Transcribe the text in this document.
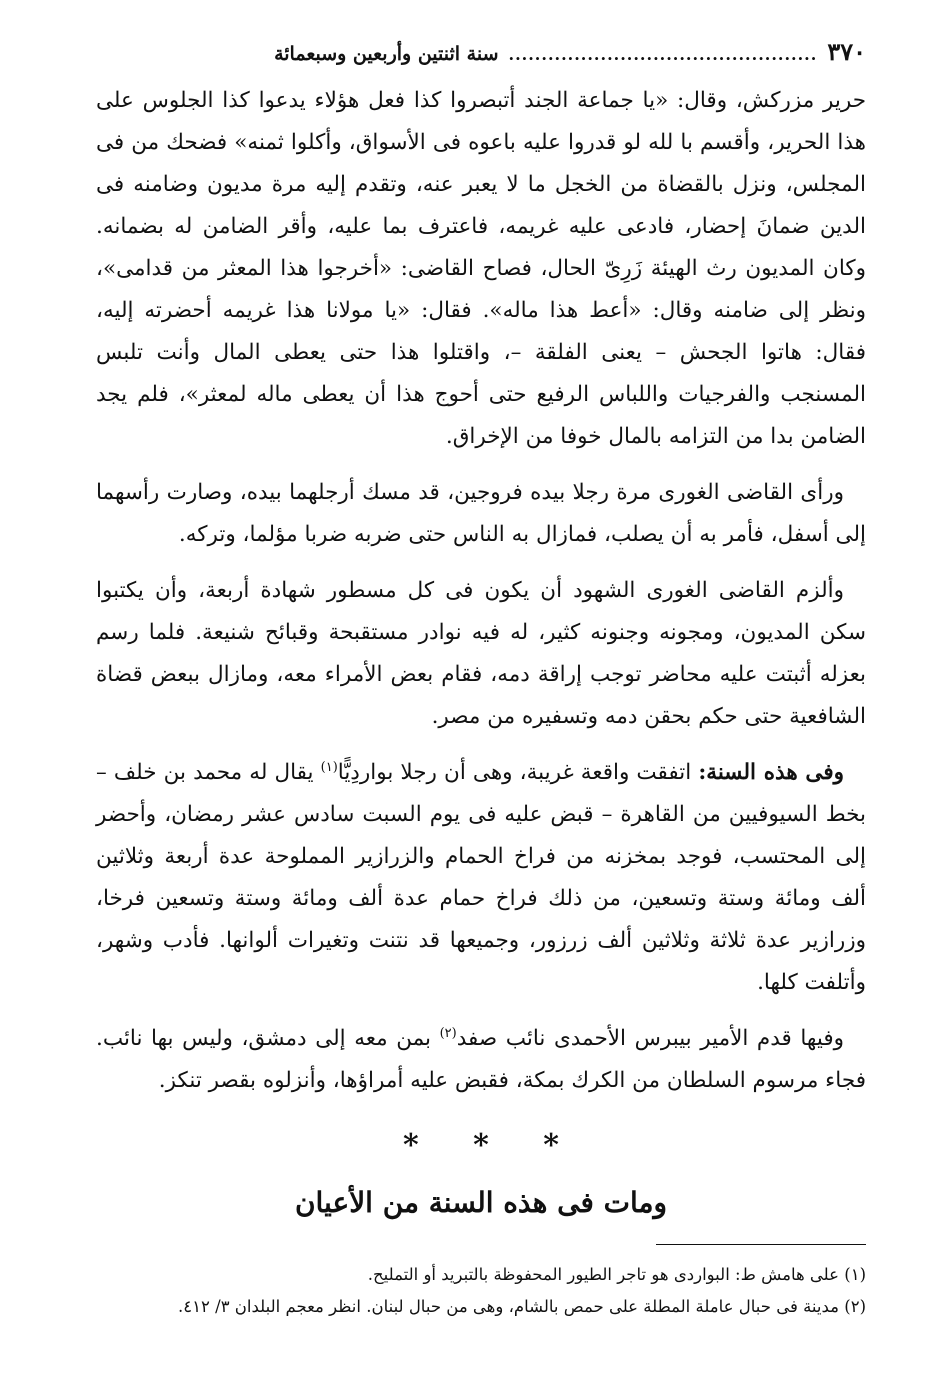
٣٧٠
...............................................
سنة اثنتين وأربعين وسبعمائة

حرير مزركش، وقال: «يا جماعة الجند أتبصروا كذا فعل هؤلاء يدعوا كذا الجلوس على هذا الحرير، وأقسم با لله لو قدروا عليه باعوه فى الأسواق، وأكلوا ثمنه» فضحك من فى المجلس، ونزل بالقضاة من الخجل ما لا يعبر عنه، وتقدم إليه مرة مديون وضامنه فى الدين ضمانَ إحضار، فادعى عليه غريمه، فاعترف بما عليه، وأقر الضامن له بضمانه. وكان المديون رث الهيئة زَرِىّ الحال، فصاح القاضى: «أخرجوا هذا المعثر من قدامى»، ونظر إلى ضامنه وقال: «أعط هذا ماله». فقال: «يا مولانا هذا غريمه أحضرته إليه، فقال: هاتوا الجحش – يعنى الفلقة –، واقتلوا هذا حتى يعطى المال وأنت تلبس المسنجب والفرجيات واللباس الرفيع حتى أحوج هذا أن يعطى ماله لمعثر»، فلم يجد الضامن بدا من التزامه بالمال خوفا من الإخراق.

ورأى القاضى الغورى مرة رجلا بيده فروجين، قد مسك أرجلهما بيده، وصارت رأسهما إلى أسفل، فأمر به أن يصلب، فمازال به الناس حتى ضربه ضربا مؤلما، وتركه.

وألزم القاضى الغورى الشهود أن يكون فى كل مسطور شهادة أربعة، وأن يكتبوا سكن المديون، ومجونه وجنونه كثير، له فيه نوادر مستقبحة وقبائح شنيعة. فلما رسم بعزله أثبتت عليه محاضر توجب إراقة دمه، فقام بعض الأمراء معه، ومازال ببعض قضاة الشافعية حتى حكم بحقن دمه وتسفيره من مصر.

وفى هذه السنة: اتفقت واقعة غريبة، وهى أن رجلا بواردِيًّا$^{(١)}$ يقال له محمد بن خلف – بخط السيوفيين من القاهرة – قبض عليه فى يوم السبت سادس عشر رمضان، وأحضر إلى المحتسب، فوجد بمخزنه من فراخ الحمام والزرازير المملوحة عدة أربعة وثلاثين ألف ومائة وستة وتسعين، من ذلك فراخ حمام عدة ألف ومائة وستة وتسعين فرخا، وزرازير عدة ثلاثة وثلاثين ألف زرزور، وجميعها قد نتنت وتغيرات ألوانها. فأدب وشهر، وأتلفت كلها.

وفيها قدم الأمير بيبرس الأحمدى نائب صفد$^{(٢)}$ بمن معه إلى دمشق، وليس بها نائب. فجاء مرسوم السلطان من الكرك بمكة، فقبض عليه أمراؤها، وأنزلوه بقصر تنكز.

* * *
ومات فى هذه السنة من الأعيان

(١) على هامش ط: البواردى هو تاجر الطيور المحفوظة بالتبريد أو التمليح.

(٢) مدينة فى حبال عاملة المطلة على حمص بالشام، وهى من حبال لبنان. انظر معجم البلدان ٣/ ٤١٢.
